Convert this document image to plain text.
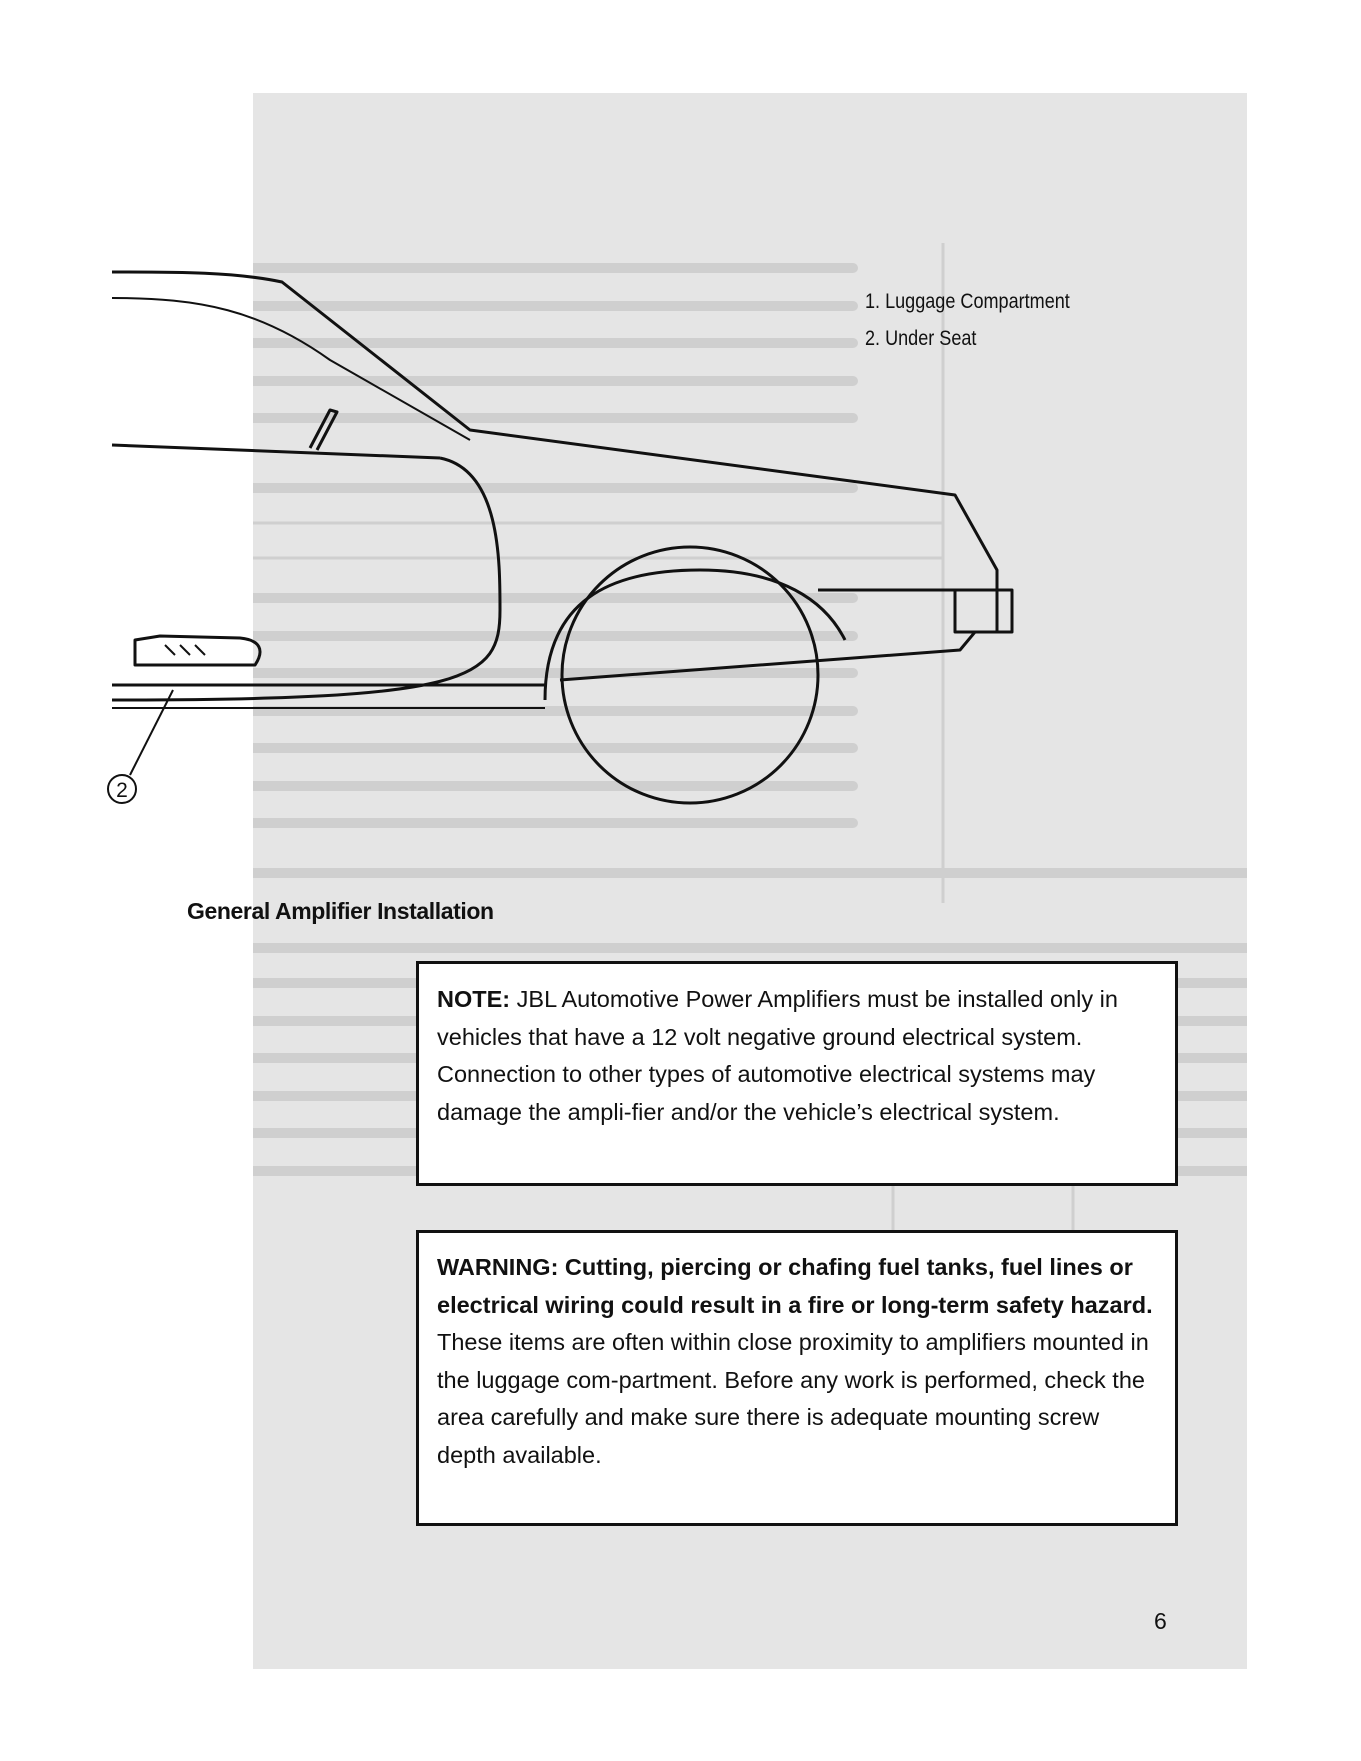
2
1. Luggage Compartment
2. Under Seat
General Amplifier Installation
NOTE: JBL Automotive Power Amplifiers must be installed only in vehicles that have a 12 volt negative ground electrical system. Connection to other types of automotive electrical systems may damage the ampli-fier and/or the vehicle’s electrical system.
WARNING: Cutting, piercing or chafing fuel tanks, fuel lines or electrical wiring could result in a fire or long-term safety hazard. These items are often within close proximity to amplifiers mounted in the luggage com-partment. Before any work is performed, check the area carefully and make sure there is adequate mounting screw depth available.
6
